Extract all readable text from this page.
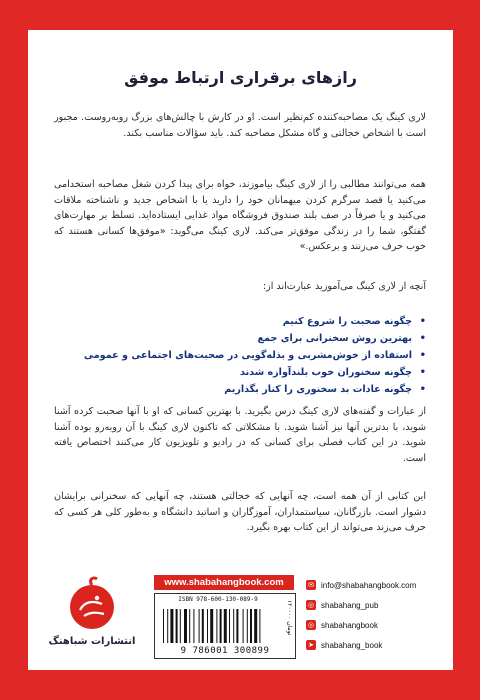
رازهای برقراری ارتباط موفق
لاری کینگ یک مصاحبه‌کننده کم‌نظیر است. او در کارش با چالش‌های بزرگ روبه‌روست. مجبور است با اشخاص خجالتی و گاه مشکل مصاحبه کند. باید سؤالات مناسب بکند.
همه می‌توانند مطالبی را از لاری کینگ بیاموزند، خواه برای پیدا کردن شغل مصاحبه استخدامی می‌کنید یا قصد سرگرم کردن میهمانان خود را دارید یا با اشخاص جدید و ناشناخته ملاقات می‌کنید و یا صرفاً در صف بلند صندوق فروشگاه مواد غذایی ایستاده‌اید. تسلط بر مهارت‌های گفتگو، شما را در زندگی موفق‌تر می‌کند. لاری کینگ می‌گوید: «موفق‌ها کسانی هستند که خوب حرف می‌زنند و برعکس.»
آنچه از لاری کینگ می‌آموزید عبارت‌اند از:
• چگونه صحبت را شروع کنیم
• بهترین روش سخنرانی برای جمع
• استفاده از خوش‌مشربی و بذله‌گویی در صحبت‌های اجتماعی و عمومی
• چگونه سخنوران خوب بلندآوازه شدند
• چگونه عادات بد سخنوری را کنار بگذاریم
از عبارات و گفته‌های لاری کینگ درس بگیرید. با بهترین کسانی که او با آنها صحبت کرده آشنا شوید، با بدترین آنها نیز آشنا شوید. با مشکلاتی که تاکنون لاری کینگ با آن روبه‌رو بوده آشنا شوید. در این کتاب فصلی برای کسانی که در رادیو و تلویزیون کار می‌کنند اختصاص یافته است.
این کتابی از آن همه است، چه آنهایی که خجالتی هستند، چه آنهایی که سخنرانی برایشان دشوار است. بازرگانان، سیاستمداران، آموزگاران و اساتید دانشگاه و به‌طور کلی هر کسی که حرف می‌زند می‌تواند از این کتاب بهره بگیرد.
انتشارات شباهنگ
www.shabahangbook.com
ISBN 978-600-130-089-9
۱۲۰۰۰۰ تومان
9 786001 300899
✉ info@shabahangbook.com
◎ shabahang_pub
◎ shabahangbook
➤ shabahang_book
